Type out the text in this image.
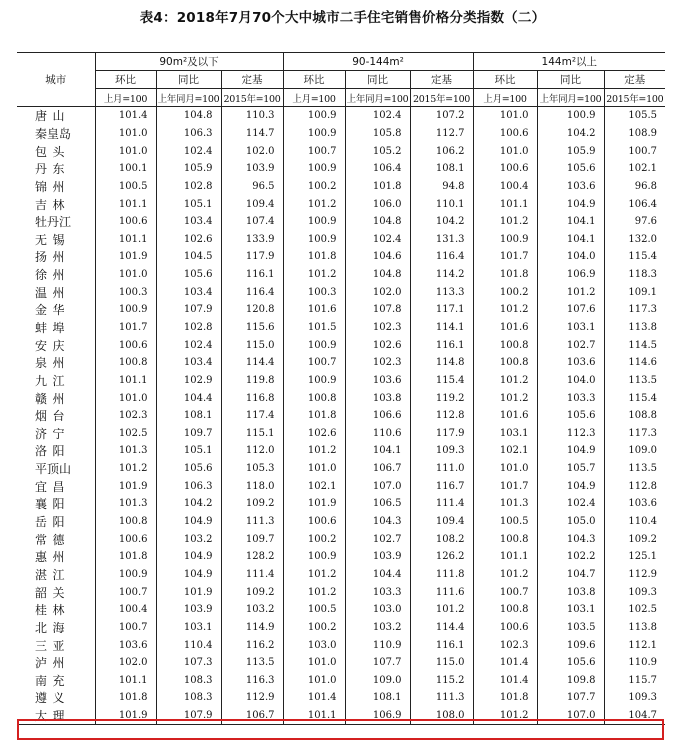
表4：2018年7月70个大中城市二手住宅销售价格分类指数（二）
城市	90m²及以下			90-144m²			144m²以上		
	环比	同比	定基	环比	同比	定基	环比	同比	定基
	上月=100	上年同月=100	2015年=100	上月=100	上年同月=100	2015年=100	上月=100	上年同月=100	2015年=100
唐山	101.4	104.8	110.3	100.9	102.4	107.2	101.0	100.9	105.5
秦皇岛	101.0	106.3	114.7	100.9	105.8	112.7	100.6	104.2	108.9
包头	101.0	102.4	102.0	100.7	105.2	106.2	101.0	105.9	100.7
丹东	100.1	105.9	103.9	100.9	106.4	108.1	100.6	105.6	102.1
锦州	100.5	102.8	96.5	100.2	101.8	94.8	100.4	103.6	96.8
吉林	101.1	105.1	109.4	101.2	106.0	110.1	101.1	104.9	106.4
牡丹江	100.6	103.4	107.4	100.9	104.8	104.2	101.2	104.1	97.6
无锡	101.1	102.6	133.9	100.9	102.4	131.3	100.9	104.1	132.0
扬州	101.9	104.5	117.9	101.8	104.6	116.4	101.7	104.0	115.4
徐州	101.0	105.6	116.1	101.2	104.8	114.2	101.8	106.9	118.3
温州	100.3	103.4	116.4	100.3	102.0	113.3	100.2	101.2	109.1
金华	100.9	107.9	120.8	101.6	107.8	117.1	101.2	107.6	117.3
蚌埠	101.7	102.8	115.6	101.5	102.3	114.1	101.6	103.1	113.8
安庆	100.6	102.4	115.0	100.9	102.6	116.1	100.8	102.7	114.5
泉州	100.8	103.4	114.4	100.7	102.3	114.8	100.8	103.6	114.6
九江	101.1	102.9	119.8	100.9	103.6	115.4	101.2	104.0	113.5
赣州	101.0	104.4	116.8	100.8	103.8	119.2	101.2	103.3	115.4
烟台	102.3	108.1	117.4	101.8	106.6	112.8	101.6	105.6	108.8
济宁	102.5	109.7	115.1	102.6	110.6	117.9	103.1	112.3	117.3
洛阳	101.3	105.1	112.0	101.2	104.1	109.3	102.1	104.9	109.0
平顶山	101.2	105.6	105.3	101.0	106.7	111.0	101.0	105.7	113.5
宜昌	101.9	106.3	118.0	102.1	107.0	116.7	101.7	104.9	112.8
襄阳	101.3	104.2	109.2	101.9	106.5	111.4	101.3	102.4	103.6
岳阳	100.8	104.9	111.3	100.6	104.3	109.4	100.5	105.0	110.4
常德	100.6	103.2	109.7	100.2	102.7	108.2	100.8	104.3	109.2
惠州	101.8	104.9	128.2	100.9	103.9	126.2	101.1	102.2	125.1
湛江	100.9	104.9	111.4	101.2	104.4	111.8	101.2	104.7	112.9
韶关	100.7	101.9	109.2	101.2	103.3	111.6	100.7	103.8	109.3
桂林	100.4	103.9	103.2	100.5	103.0	101.2	100.8	103.1	102.5
北海	100.7	103.1	114.9	100.2	103.2	114.4	100.6	103.5	113.8
三亚	103.6	110.4	116.2	103.0	110.9	116.1	102.3	109.6	112.1
泸州	102.0	107.3	113.5	101.0	107.7	115.0	101.4	105.6	110.9
南充	101.1	108.3	116.3	101.0	109.0	115.2	101.4	109.8	115.7
遵义	101.8	108.3	112.9	101.4	108.1	111.3	101.8	107.7	109.3
大理	101.9	107.9	106.7	101.1	106.9	108.0	101.2	107.0	104.7
